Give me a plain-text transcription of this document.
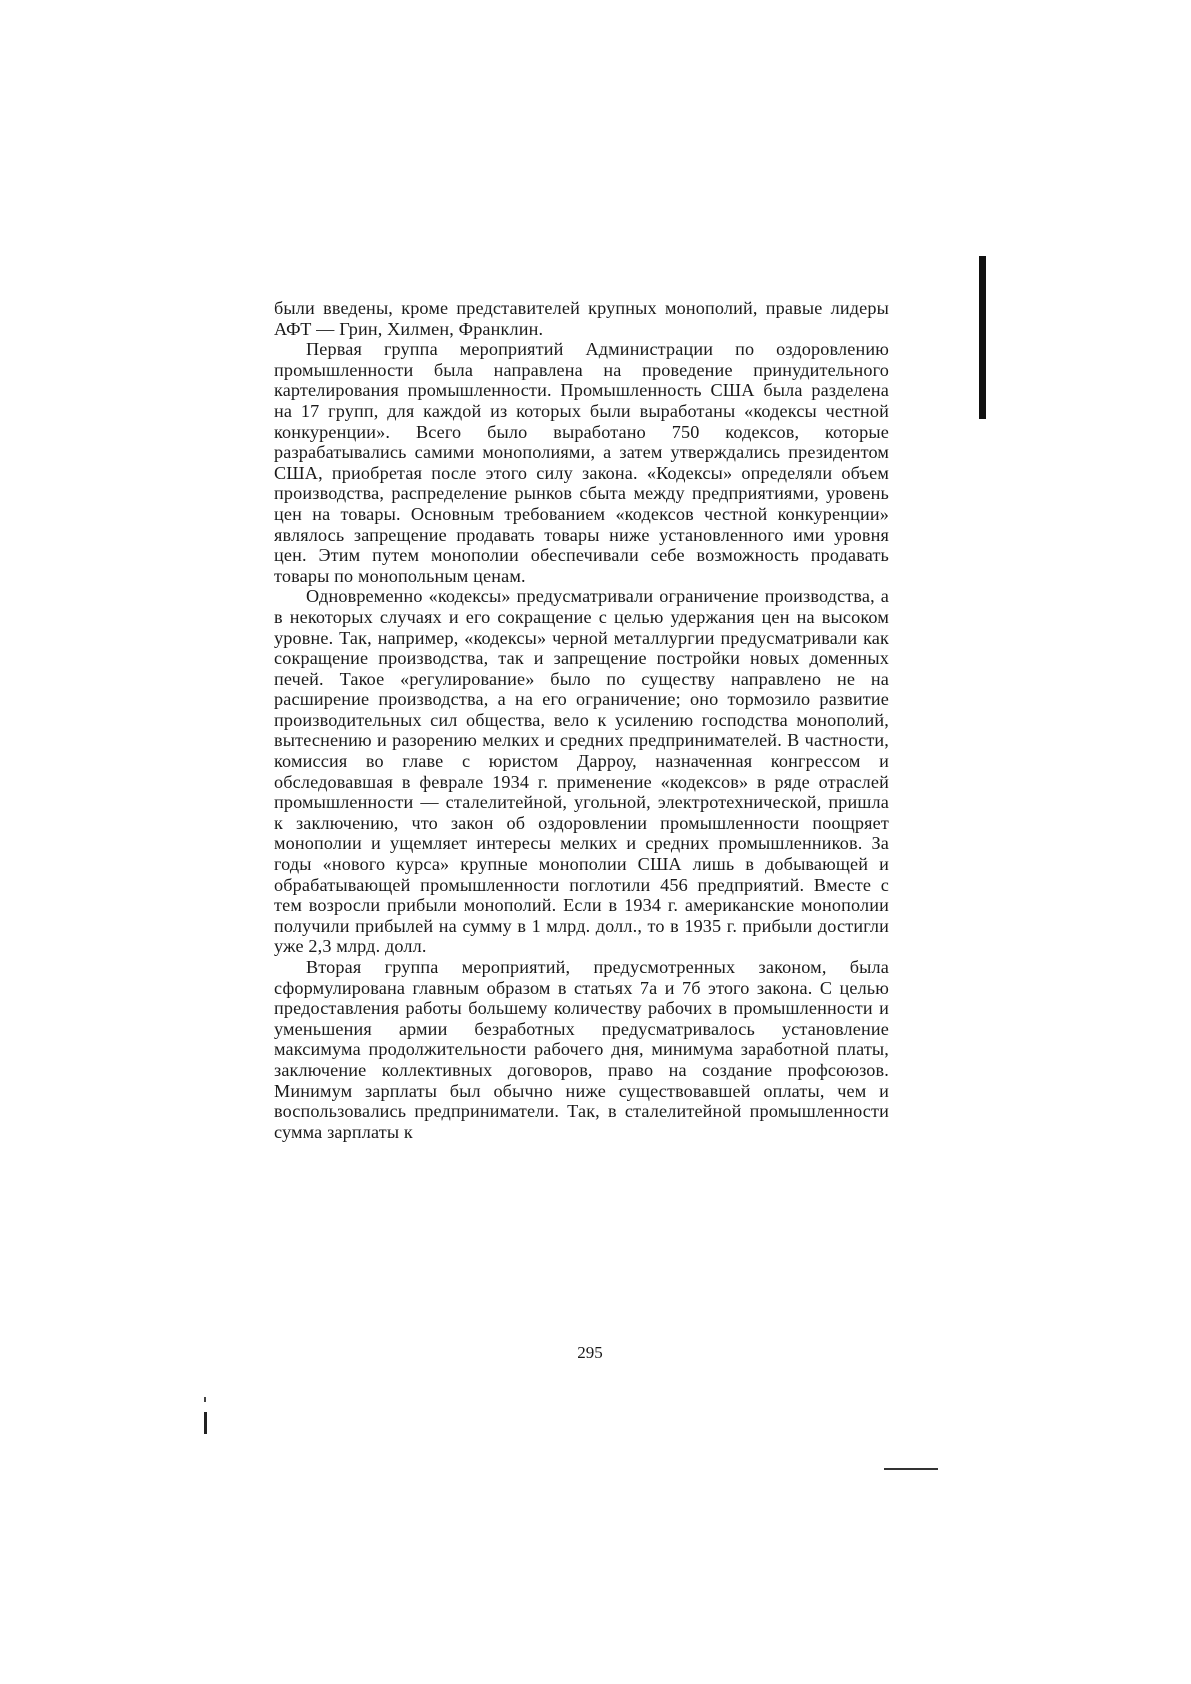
были введены, кроме представителей крупных монополий, правые лидеры АФТ — Грин, Хилмен, Франклин.

Первая группа мероприятий Администрации по оздоровлению промышленности была направлена на проведение принудительного картелирования промышленности. Промышленность США была разделена на 17 групп, для каждой из которых были выработаны «кодексы честной конкуренции». Всего было выработано 750 кодексов, которые разрабатывались самими монополиями, а затем утверждались президентом США, приобретая после этого силу закона. «Кодексы» определяли объем производства, распределение рынков сбыта между предприятиями, уровень цен на товары. Основным требованием «кодексов честной конкуренции» являлось запрещение продавать товары ниже установленного ими уровня цен. Этим путем монополии обеспечивали себе возможность продавать товары по монопольным ценам.

Одновременно «кодексы» предусматривали ограничение производства, а в некоторых случаях и его сокращение с целью удержания цен на высоком уровне. Так, например, «кодексы» черной металлургии предусматривали как сокращение производства, так и запрещение постройки новых доменных печей. Такое «регулирование» было по существу направлено не на расширение производства, а на его ограничение; оно тормозило развитие производительных сил общества, вело к усилению господства монополий, вытеснению и разорению мелких и средних предпринимателей. В частности, комиссия во главе с юристом Дарроу, назначенная конгрессом и обследовавшая в феврале 1934 г. применение «кодексов» в ряде отраслей промышленности — сталелитейной, угольной, электротехнической, пришла к заключению, что закон об оздоровлении промышленности поощряет монополии и ущемляет интересы мелких и средних промышленников. За годы «нового курса» крупные монополии США лишь в добывающей и обрабатывающей промышленности поглотили 456 предприятий. Вместе с тем возросли прибыли монополий. Если в 1934 г. американские монополии получили прибылей на сумму в 1 млрд. долл., то в 1935 г. прибыли достигли уже 2,3 млрд. долл.

Вторая группа мероприятий, предусмотренных законом, была сформулирована главным образом в статьях 7а и 7б этого закона. С целью предоставления работы большему количеству рабочих в промышленности и уменьшения армии безработных предусматривалось установление максимума продолжительности рабочего дня, минимума заработной платы, заключение коллективных договоров, право на создание профсоюзов. Минимум зарплаты был обычно ниже существовавшей оплаты, чем и воспользовались предприниматели. Так, в сталелитейной промышленности сумма зарплаты к

295
